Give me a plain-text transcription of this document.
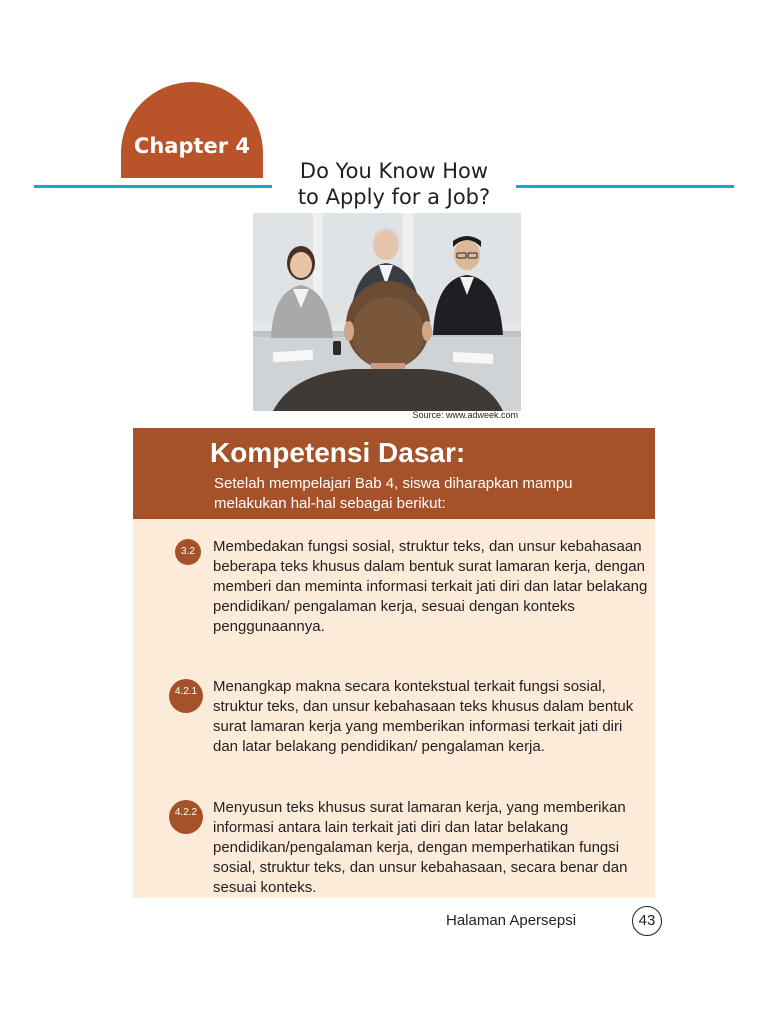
Chapter 4
Do You Know How
to Apply for a Job?
Source: www.adweek.com
Kompetensi Dasar:
Setelah mempelajari Bab 4, siswa diharapkan mampu melakukan hal-hal sebagai berikut:
3.2	Membedakan fungsi sosial, struktur teks, dan unsur kebahasaan beberapa teks khusus dalam bentuk surat lamaran kerja, dengan memberi dan meminta informasi terkait jati diri dan latar belakang pendidikan/ pengalaman kerja, sesuai dengan konteks penggunaannya.
4.2.1	Menangkap makna secara kontekstual terkait fungsi sosial, struktur teks, dan unsur kebahasaan teks khusus dalam bentuk surat lamaran kerja yang memberikan informasi terkait jati diri dan latar belakang pendidikan/ pengalaman kerja.
4.2.2	Menyusun teks khusus surat lamaran kerja, yang memberikan informasi antara lain terkait jati diri dan latar belakang pendidikan/pengalaman kerja, dengan memperhatikan fungsi sosial, struktur teks, dan unsur kebahasaan, secara benar dan sesuai konteks.
Halaman Apersepsi	43
